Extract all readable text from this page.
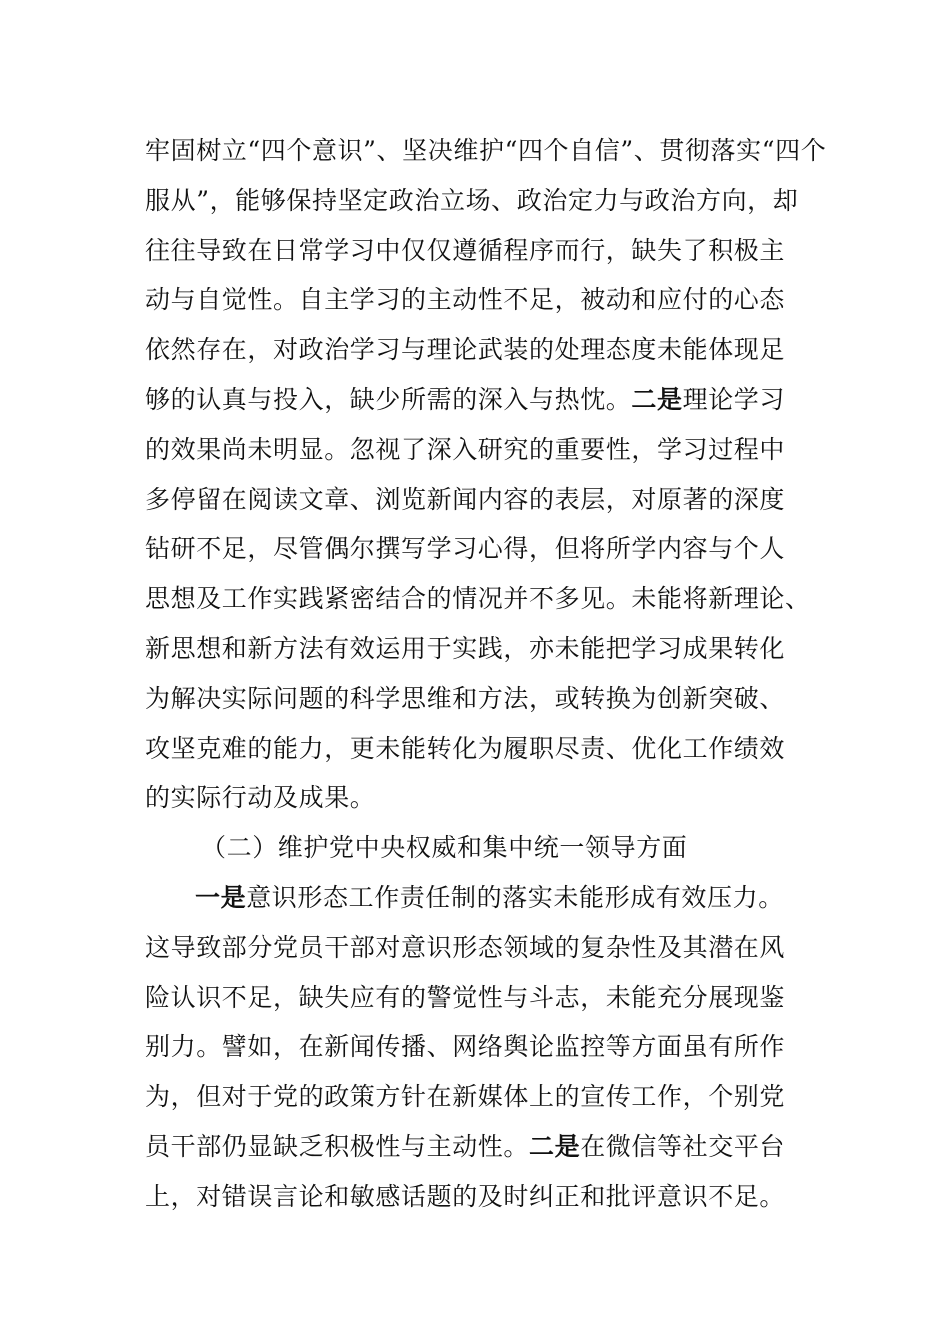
牢固树立“四个意识”、坚决维护“四个自信”、贯彻落实“四个
服从”，能够保持坚定政治立场、政治定力与政治方向，却
往往导致在日常学习中仅仅遵循程序而行，缺失了积极主
动与自觉性。自主学习的主动性不足，被动和应付的心态
依然存在，对政治学习与理论武装的处理态度未能体现足
够的认真与投入，缺少所需的深入与热忱。二是理论学习
的效果尚未明显。忽视了深入研究的重要性，学习过程中
多停留在阅读文章、浏览新闻内容的表层，对原著的深度
钻研不足，尽管偶尔撰写学习心得，但将所学内容与个人
思想及工作实践紧密结合的情况并不多见。未能将新理论、
新思想和新方法有效运用于实践，亦未能把学习成果转化
为解决实际问题的科学思维和方法，或转换为创新突破、
攻坚克难的能力，更未能转化为履职尽责、优化工作绩效
的实际行动及成果。
（二）维护党中央权威和集中统一领导方面
一是意识形态工作责任制的落实未能形成有效压力。
这导致部分党员干部对意识形态领域的复杂性及其潜在风
险认识不足，缺失应有的警觉性与斗志，未能充分展现鉴
别力。譬如，在新闻传播、网络舆论监控等方面虽有所作
为，但对于党的政策方针在新媒体上的宣传工作，个别党
员干部仍显缺乏积极性与主动性。二是在微信等社交平台
上，对错误言论和敏感话题的及时纠正和批评意识不足。
